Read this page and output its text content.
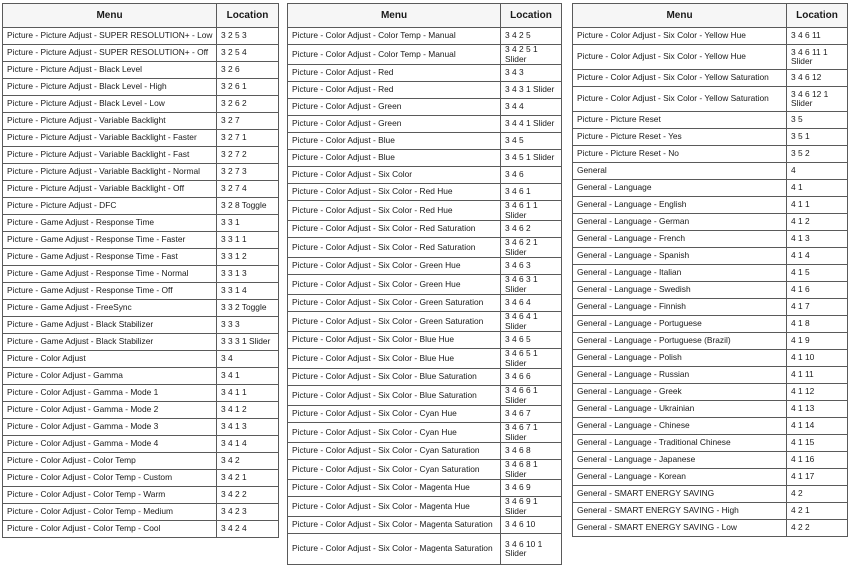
Menu	Location
Picture - Picture Adjust - SUPER RESOLUTION+ - Low	3 2 5 3
Picture - Picture Adjust - SUPER RESOLUTION+ - Off	3 2 5 4
Picture - Picture Adjust - Black Level	3 2 6
Picture - Picture Adjust - Black Level - High	3 2 6 1
Picture - Picture Adjust - Black Level - Low	3 2 6 2
Picture - Picture Adjust - Variable Backlight	3 2 7
Picture - Picture Adjust - Variable Backlight - Faster	3 2 7 1
Picture - Picture Adjust - Variable Backlight - Fast	3 2 7 2
Picture - Picture Adjust - Variable Backlight - Normal	3 2 7 3
Picture - Picture Adjust - Variable Backlight - Off	3 2 7 4
Picture - Picture Adjust - DFC	3 2 8 Toggle
Picture - Game Adjust - Response Time	3 3 1
Picture - Game Adjust - Response Time - Faster	3 3 1 1
Picture - Game Adjust - Response Time - Fast	3 3 1 2
Picture - Game Adjust - Response Time - Normal	3 3 1 3
Picture - Game Adjust - Response Time - Off	3 3 1 4
Picture - Game Adjust - FreeSync	3 3 2 Toggle
Picture - Game Adjust - Black Stabilizer	3 3 3
Picture - Game Adjust - Black Stabilizer	3 3 3 1 Slider
Picture - Color Adjust	3 4
Picture - Color Adjust - Gamma	3 4 1
Picture - Color Adjust - Gamma - Mode 1	3 4 1 1
Picture - Color Adjust - Gamma - Mode 2	3 4 1 2
Picture - Color Adjust - Gamma - Mode 3	3 4 1 3
Picture - Color Adjust - Gamma - Mode 4	3 4 1 4
Picture - Color Adjust - Color Temp	3 4 2
Picture - Color Adjust - Color Temp - Custom	3 4 2 1
Picture - Color Adjust - Color Temp - Warm	3 4 2 2
Picture - Color Adjust - Color Temp - Medium	3 4 2 3
Picture - Color Adjust - Color Temp - Cool	3 4 2 4
Menu	Location
Picture - Color Adjust - Color Temp - Manual	3 4 2 5
Picture - Color Adjust - Color Temp - Manual	3 4 2 5 1 Slider
Picture - Color Adjust - Red	3 4 3
Picture - Color Adjust - Red	3 4 3 1 Slider
Picture - Color Adjust - Green	3 4 4
Picture - Color Adjust - Green	3 4 4 1 Slider
Picture - Color Adjust - Blue	3 4 5
Picture - Color Adjust - Blue	3 4 5 1 Slider
Picture - Color Adjust - Six Color	3 4 6
Picture - Color Adjust - Six Color - Red Hue	3 4 6 1
Picture - Color Adjust - Six Color - Red Hue	3 4 6 1 1 Slider
Picture - Color Adjust - Six Color - Red Saturation	3 4 6 2
Picture - Color Adjust - Six Color - Red Saturation	3 4 6 2 1 Slider
Picture - Color Adjust - Six Color - Green Hue	3 4 6 3
Picture - Color Adjust - Six Color - Green Hue	3 4 6 3 1 Slider
Picture - Color Adjust - Six Color - Green Saturation	3 4 6 4
Picture - Color Adjust - Six Color - Green Saturation	3 4 6 4 1 Slider
Picture - Color Adjust - Six Color - Blue Hue	3 4 6 5
Picture - Color Adjust - Six Color - Blue Hue	3 4 6 5 1 Slider
Picture - Color Adjust - Six Color - Blue Saturation	3 4 6 6
Picture - Color Adjust - Six Color - Blue Saturation	3 4 6 6 1 Slider
Picture - Color Adjust - Six Color - Cyan Hue	3 4 6 7
Picture - Color Adjust - Six Color - Cyan Hue	3 4 6 7 1 Slider
Picture - Color Adjust - Six Color - Cyan Saturation	3 4 6 8
Picture - Color Adjust - Six Color - Cyan Saturation	3 4 6 8 1 Slider
Picture - Color Adjust - Six Color - Magenta Hue	3 4 6 9
Picture - Color Adjust - Six Color - Magenta Hue	3 4 6 9 1 Slider
Picture - Color Adjust - Six Color - Magenta Saturation	3 4 6 10
Picture - Color Adjust - Six Color - Magenta Saturation	3 4 6 10 1 Slider
Menu	Location
Picture - Color Adjust - Six Color - Yellow Hue	3 4 6 11
Picture - Color Adjust - Six Color - Yellow Hue	3 4 6 11 1 Slider
Picture - Color Adjust - Six Color - Yellow Saturation	3 4 6 12
Picture - Color Adjust - Six Color - Yellow Saturation	3 4 6 12 1 Slider
Picture - Picture Reset	3 5
Picture - Picture Reset - Yes	3 5 1
Picture - Picture Reset - No	3 5 2
General	4
General - Language	4 1
General - Language - English	4 1 1
General - Language - German	4 1 2
General - Language - French	4 1 3
General - Language - Spanish	4 1 4
General - Language - Italian	4 1 5
General - Language - Swedish	4 1 6
General - Language - Finnish	4 1 7
General - Language - Portuguese	4 1 8
General - Language - Portuguese (Brazil)	4 1 9
General - Language - Polish	4 1 10
General - Language - Russian	4 1 11
General - Language - Greek	4 1 12
General - Language - Ukrainian	4 1 13
General - Language - Chinese	4 1 14
General - Language - Traditional Chinese	4 1 15
General - Language - Japanese	4 1 16
General - Language - Korean	4 1 17
General - SMART ENERGY SAVING	4 2
General - SMART ENERGY SAVING - High	4 2 1
General - SMART ENERGY SAVING - Low	4 2 2
